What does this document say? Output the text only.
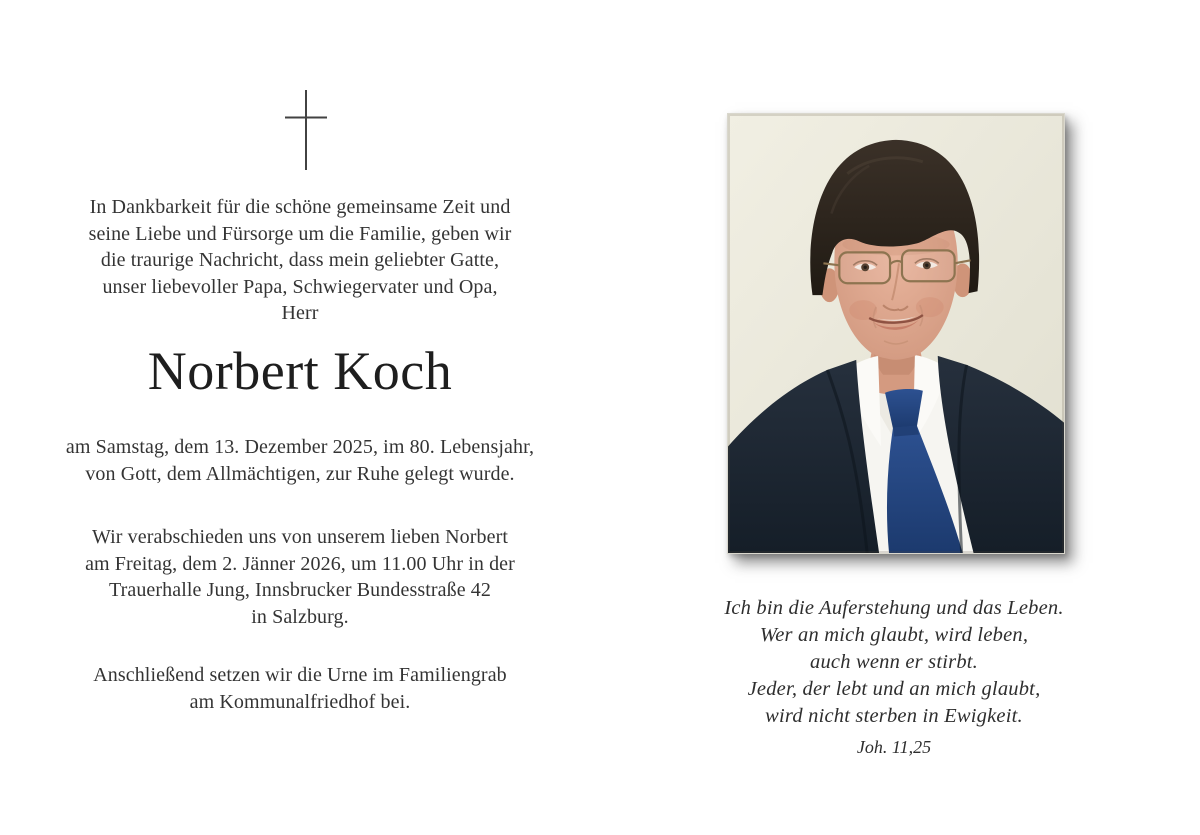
In Dankbarkeit für die schöne gemeinsame Zeit und
seine Liebe und Fürsorge um die Familie, geben wir
die traurige Nachricht, dass mein geliebter Gatte,
unser liebevoller Papa, Schwiegervater und Opa,
Herr
Norbert Koch
am Samstag, dem 13. Dezember 2025, im 80. Lebensjahr,
von Gott, dem Allmächtigen, zur Ruhe gelegt wurde.
Wir verabschieden uns von unserem lieben Norbert
am Freitag, dem 2. Jänner 2026, um 11.00 Uhr in der
Trauerhalle Jung, Innsbrucker Bundesstraße 42
in Salzburg.
Anschließend setzen wir die Urne im Familiengrab
am Kommunalfriedhof bei.
Ich bin die Auferstehung und das Leben.
Wer an mich glaubt, wird leben,
auch wenn er stirbt.
Jeder, der lebt und an mich glaubt,
wird nicht sterben in Ewigkeit.
Joh. 11,25
